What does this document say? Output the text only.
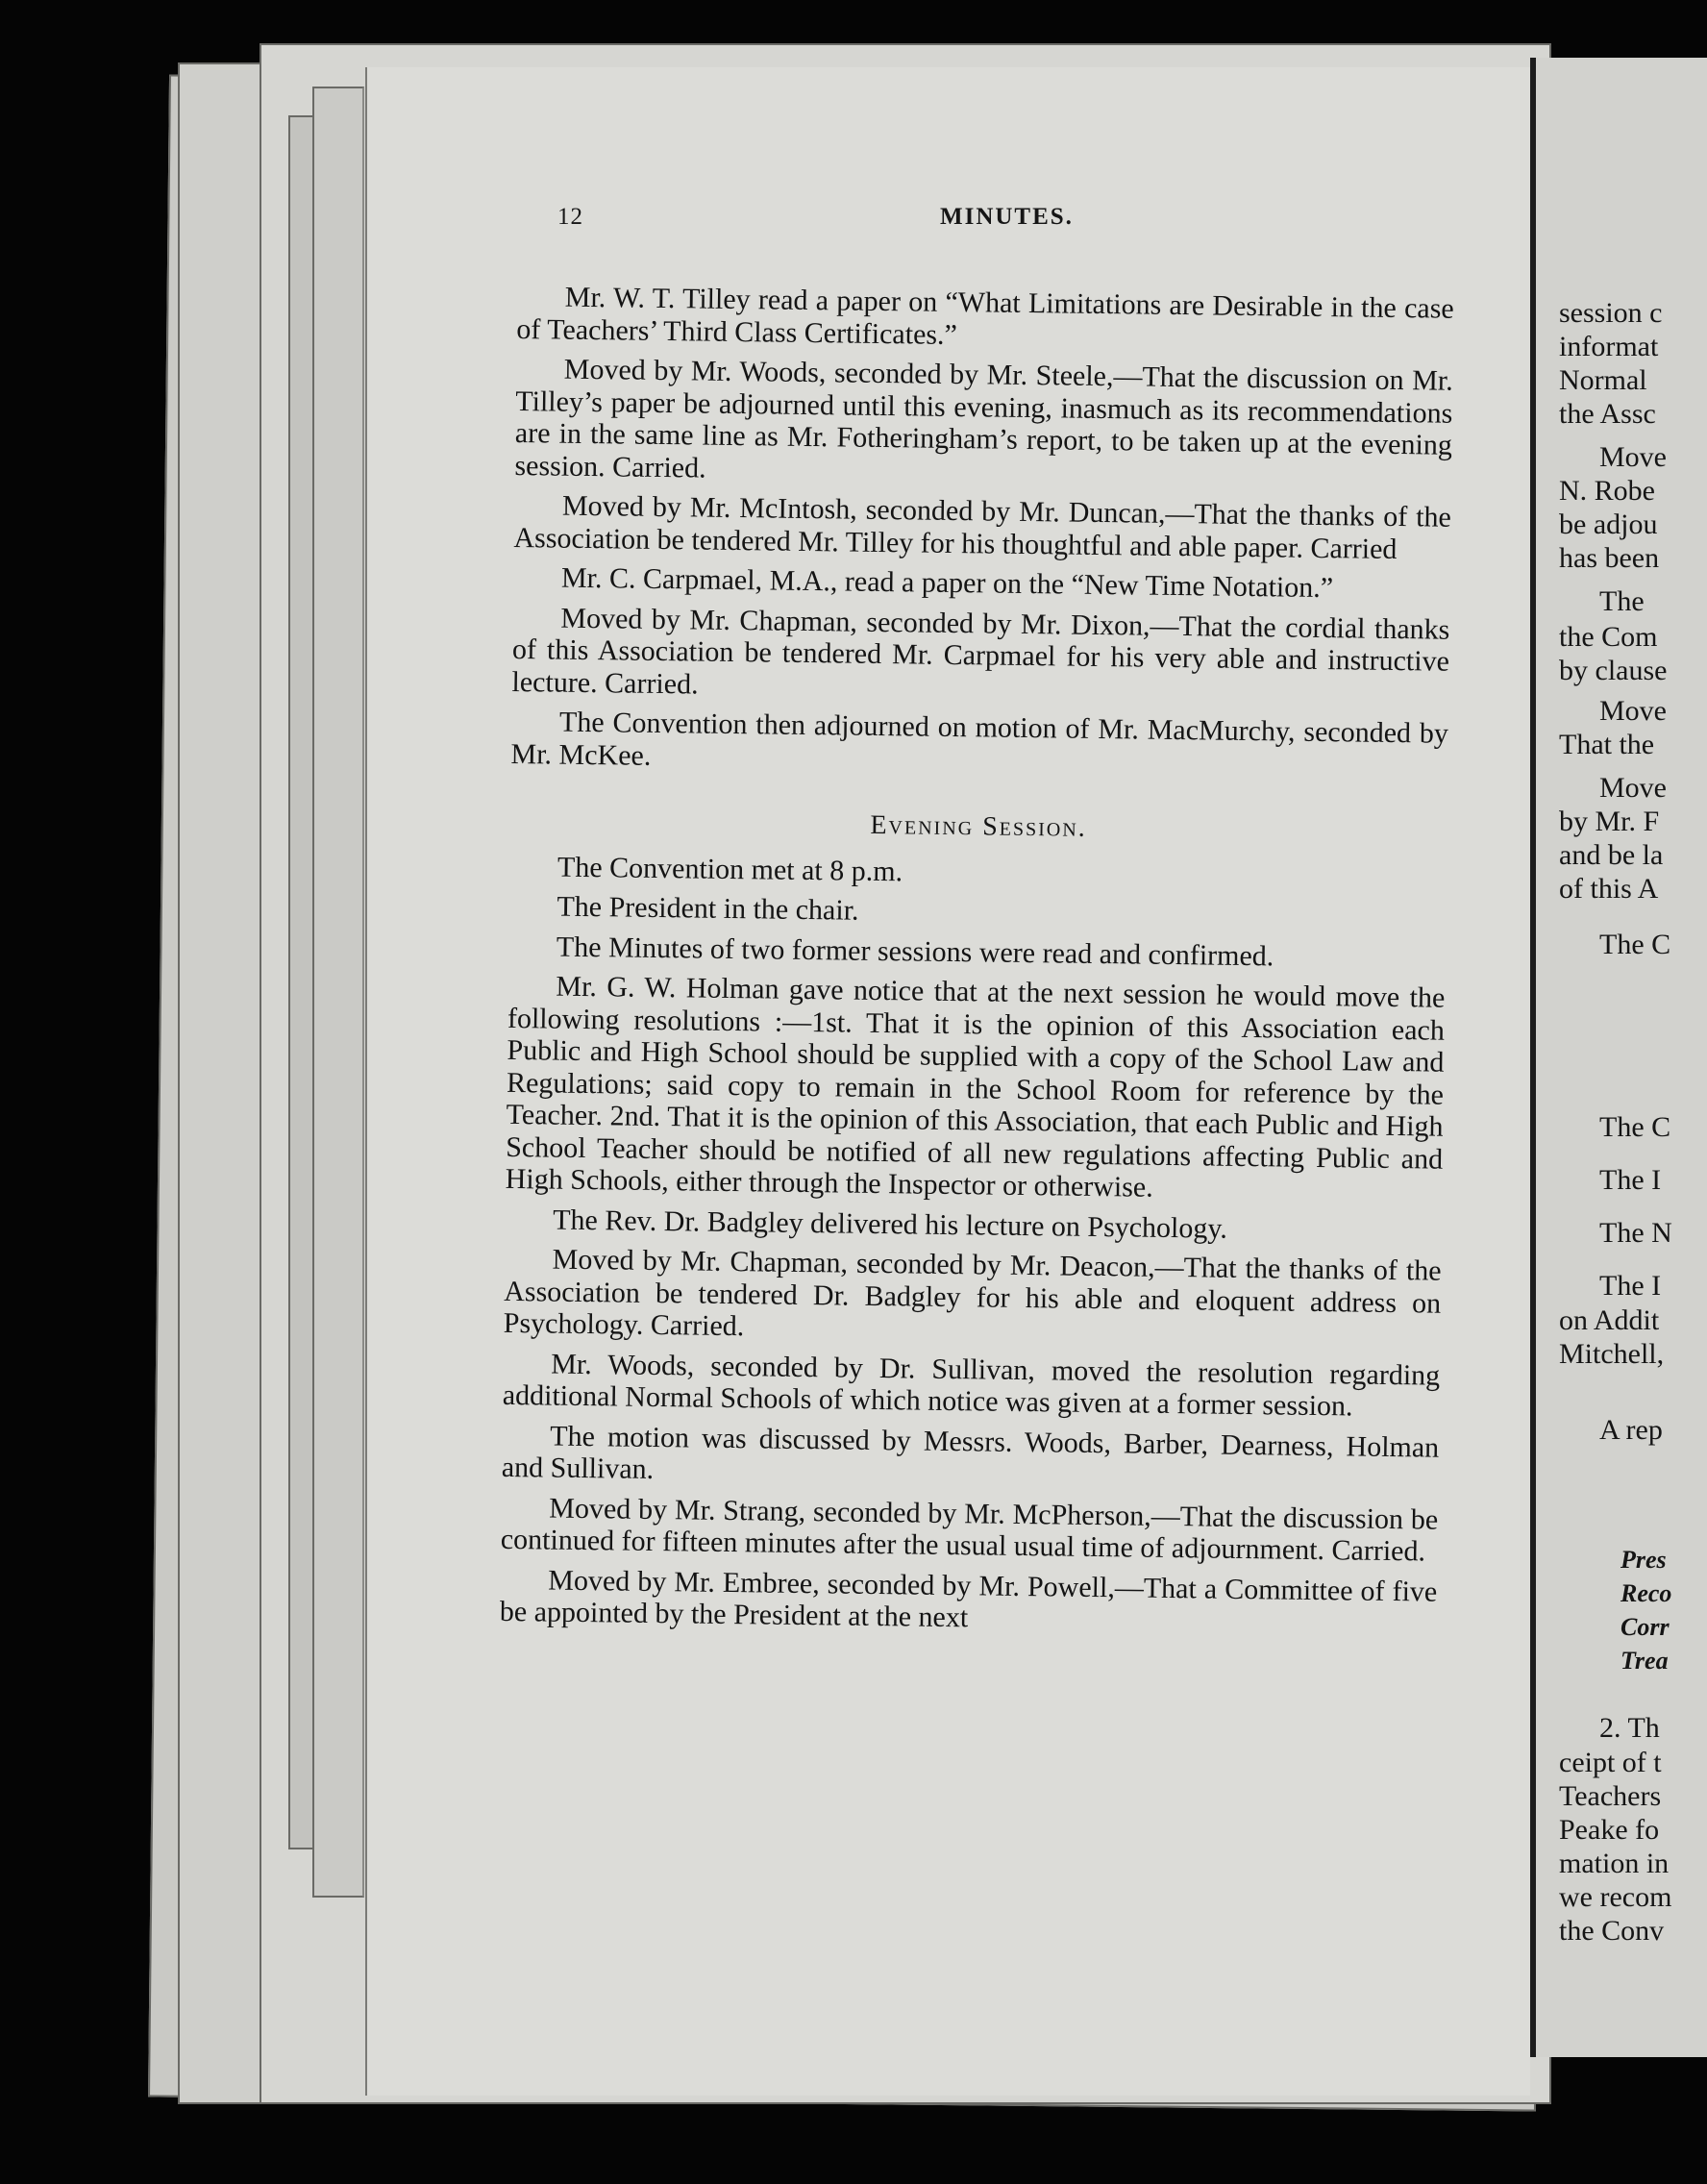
12	MINUTES.

Mr. W. T. Tilley read a paper on “What Limitations are Desirable in the case of Teachers’ Third Class Certificates.”

Moved by Mr. Woods, seconded by Mr. Steele,—That the discussion on Mr. Tilley’s paper be adjourned until this evening, inasmuch as its recommendations are in the same line as Mr. Fotheringham’s report, to be taken up at the evening session. Carried.

Moved by Mr. McIntosh, seconded by Mr. Duncan,—That the thanks of the Association be tendered Mr. Tilley for his thoughtful and able paper. Carried

Mr. C. Carpmael, M.A., read a paper on the “New Time Notation.”

Moved by Mr. Chapman, seconded by Mr. Dixon,—That the cordial thanks of this Association be tendered Mr. Carpmael for his very able and instructive lecture. Carried.

The Convention then adjourned on motion of Mr. MacMurchy, seconded by Mr. McKee.

Evening Session.

The Convention met at 8 p.m.

The President in the chair.

The Minutes of two former sessions were read and confirmed.

Mr. G. W. Holman gave notice that at the next session he would move the following resolutions :—1st. That it is the opinion of this Association each Public and High School should be supplied with a copy of the School Law and Regulations; said copy to remain in the School Room for reference by the Teacher. 2nd. That it is the opinion of this Association, that each Public and High School Teacher should be notified of all new regulations affecting Public and High Schools, either through the Inspector or otherwise.

The Rev. Dr. Badgley delivered his lecture on Psychology.

Moved by Mr. Chapman, seconded by Mr. Deacon,—That the thanks of the Association be tendered Dr. Badgley for his able and eloquent address on Psychology. Carried.

Mr. Woods, seconded by Dr. Sullivan, moved the resolution regarding additional Normal Schools of which notice was given at a former session.

The motion was discussed by Messrs. Woods, Barber, Dearness, Holman and Sullivan.

Moved by Mr. Strang, seconded by Mr. McPherson,—That the discussion be continued for fifteen minutes after the usual usual time of adjournment. Carried.

Moved by Mr. Embree, seconded by Mr. Powell,—That a Committee of five be appointed by the President at the next

session c
informat
Normal
the Assc
Move
N. Robe
be adjou
has been
The
the Com
by clause
Move
That the
Move
by Mr. F
and be la
of this A
The C
The C
The I
The N
The I
on Addit
Mitchell,
A rep
Pres
Reco
Corr
Trea
2. Th
ceipt of t
Teachers
Peake fo
mation in
we recom
the Conv
